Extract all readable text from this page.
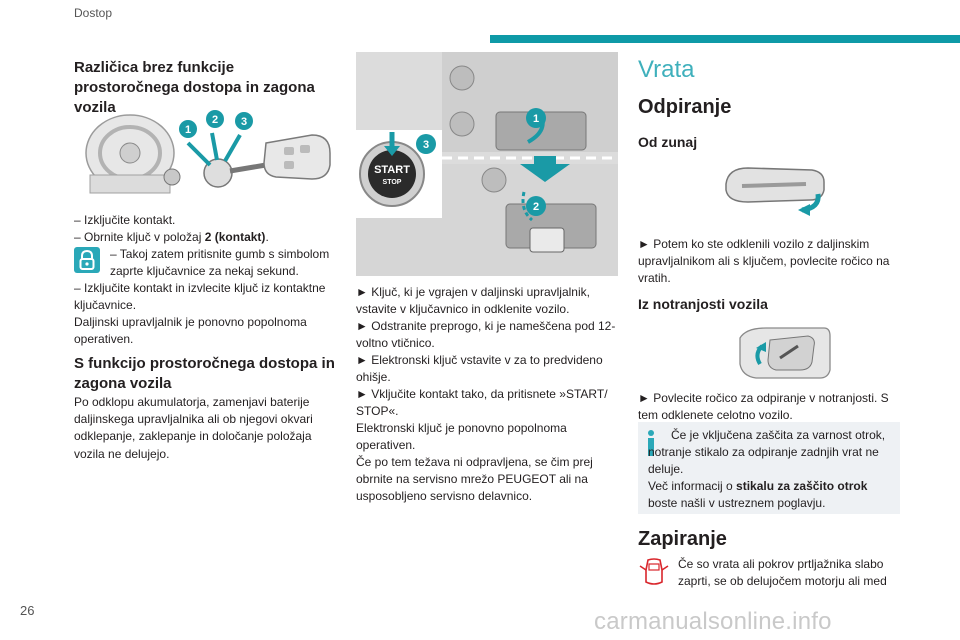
Dostop
Različica brez funkcije prostoročnega dostopa in zagona vozila
1
2 3

– Izklјučite kontakt.

– Obrnite ključ v položaj 2 (kontakt).

– Takoj zatem pritisnite gumb s simbolom

zaprte ključavnice za nekaj sekund.

– Izključite kontakt in izvlecite ključ iz kontaktne ključavnice.

Daljinski upravljalnik je ponovno popolnoma operativen.

S funkcijo prostoročnega dostopa in zagona vozila

Po odklopu akumulatorja, zamenjavi baterije daljinskega upravljalnika ali ob njegovi okvari odklepanje, zaklepanje in določanje položaja vozila ne delujejo.

START
STOP
1
2
3

► Ključ, ki je vgrajen v daljinski upravljalnik, vstavite v ključavnico in odklenite vozilo.

► Odstranite preprogo, ki je nameščena pod 12-voltno vtičnico.

► Elektronski ključ vstavite v za to predvideno ohišje.

► Vključite kontakt tako, da pritisnete »START/ STOP«.

Elektronski ključ je ponovno popolnoma operativen.

Če po tem težava ni odpravljena, se čim prej obrnite na servisno mrežo PEUGEOT ali na usposobljeno servisno delavnico.

Vrata
Odpiranje
Od zunaj

► Potem ko ste odklenili vozilo z daljinskim upravljalnikom ali s ključem, povlecite ročico na vratih.

Iz notranjosti vozila

► Povlecite ročico za odpiranje v notranjosti. S tem odklenete celotno vozilo.

Če je vključena zaščita za varnost otrok, notranje stikalo za odpiranje zadnjih vrat ne deluje.

Več informacij o stikalu za zaščito otrok boste našli v ustreznem poglavju.

Zapiranje

Če so vrata ali pokrov prtljažnika slabo zaprti, se ob delujočem motorju ali med

26	carmanualsonline.info
